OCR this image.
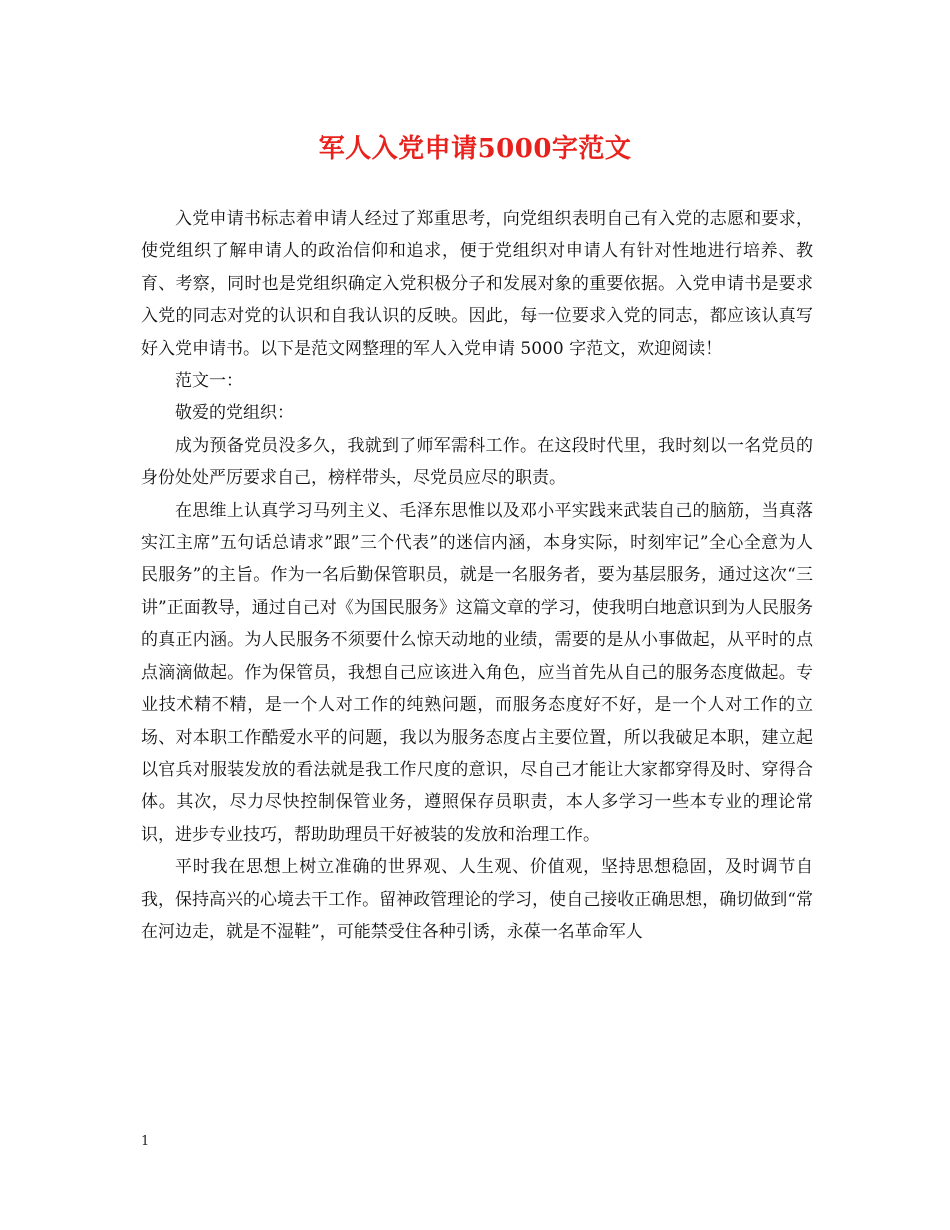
军人入党申请5000字范文

入党申请书标志着申请人经过了郑重思考，向党组织表明自己有入党的志愿和要求，使党组织了解申请人的政治信仰和追求，便于党组织对申请人有针对性地进行培养、教育、考察，同时也是党组织确定入党积极分子和发展对象的重要依据。入党申请书是要求入党的同志对党的认识和自我认识的反映。因此，每一位要求入党的同志，都应该认真写好入党申请书。以下是范文网整理的军人入党申请 5000 字范文，欢迎阅读！

范文一：

敬爱的党组织：

成为预备党员没多久，我就到了师军需科工作。在这段时代里，我时刻以一名党员的身份处处严厉要求自己，榜样带头，尽党员应尽的职责。

在思维上认真学习马列主义、毛泽东思惟以及邓小平实践来武装自己的脑筋，当真落实江主席”五句话总请求”跟”三个代表”的迷信内涵，本身实际，时刻牢记”全心全意为人民服务”的主旨。作为一名后勤保管职员，就是一名服务者，要为基层服务，通过这次“三讲”正面教导，通过自己对《为国民服务》这篇文章的学习，使我明白地意识到为人民服务的真正内涵。为人民服务不须要什么惊天动地的业绩，需要的是从小事做起，从平时的点点滴滴做起。作为保管员，我想自己应该进入角色，应当首先从自己的服务态度做起。专业技术精不精，是一个人对工作的纯熟问题，而服务态度好不好，是一个人对工作的立场、对本职工作酷爱水平的问题，我以为服务态度占主要位置，所以我破足本职，建立起以官兵对服装发放的看法就是我工作尺度的意识，尽自己才能让大家都穿得及时、穿得合体。其次，尽力尽快控制保管业务，遵照保存员职责，本人多学习一些本专业的理论常识，进步专业技巧，帮助助理员干好被装的发放和治理工作。

平时我在思想上树立准确的世界观、人生观、价值观，坚持思想稳固，及时调节自我，保持高兴的心境去干工作。留神政管理论的学习，使自己接收正确思想，确切做到“常在河边走，就是不湿鞋”，可能禁受住各种引诱，永葆一名革命军人

1
